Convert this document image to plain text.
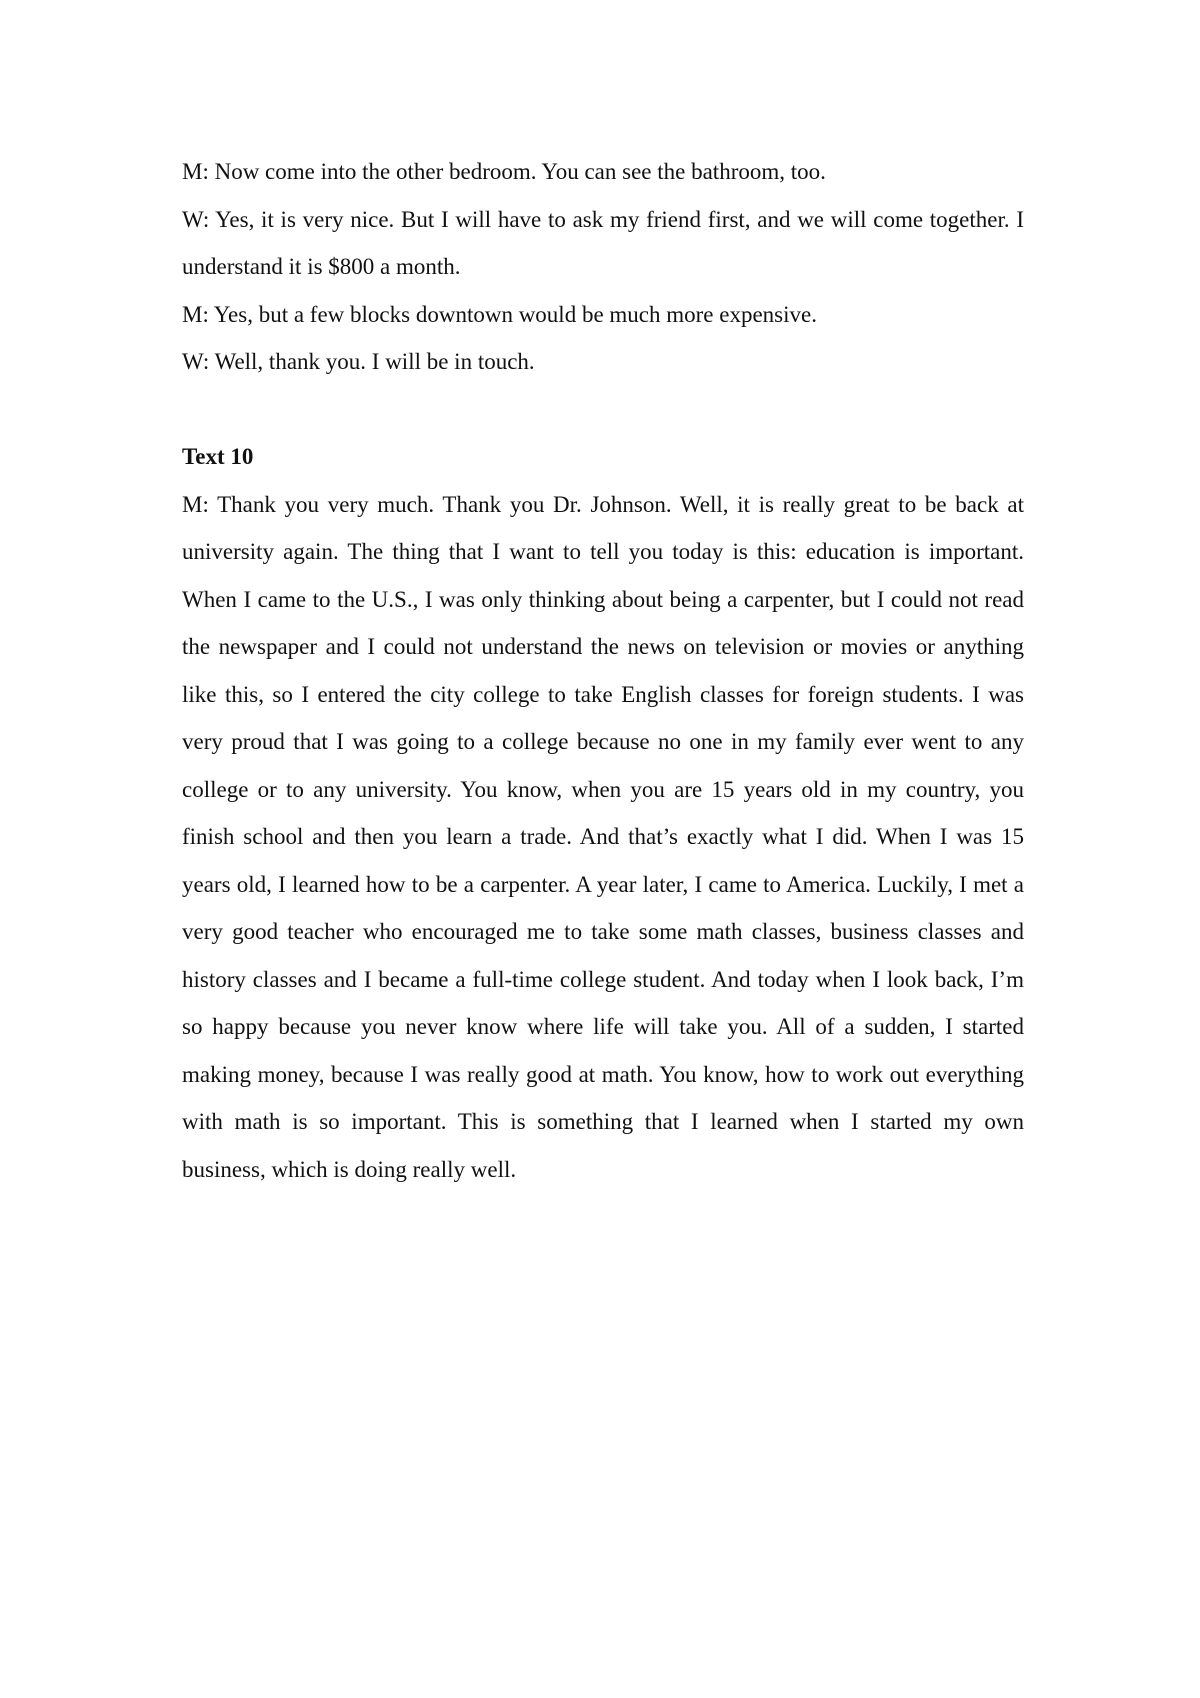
M: Now come into the other bedroom. You can see the bathroom, too.

W: Yes, it is very nice. But I will have to ask my friend first, and we will come together. I understand it is $800 a month.

M: Yes, but a few blocks downtown would be much more expensive.

W: Well, thank you. I will be in touch.

Text 10

M: Thank you very much. Thank you Dr. Johnson. Well, it is really great to be back at university again. The thing that I want to tell you today is this: education is important. When I came to the U.S., I was only thinking about being a carpenter, but I could not read the newspaper and I could not understand the news on television or movies or anything like this, so I entered the city college to take English classes for foreign students. I was very proud that I was going to a college because no one in my family ever went to any college or to any university. You know, when you are 15 years old in my country, you finish school and then you learn a trade. And that’s exactly what I did. When I was 15 years old, I learned how to be a carpenter. A year later, I came to America. Luckily, I met a very good teacher who encouraged me to take some math classes, business classes and history classes and I became a full-time college student. And today when I look back, I’m so happy because you never know where life will take you. All of a sudden, I started making money, because I was really good at math. You know, how to work out everything with math is so important. This is something that I learned when I started my own business, which is doing really well.
